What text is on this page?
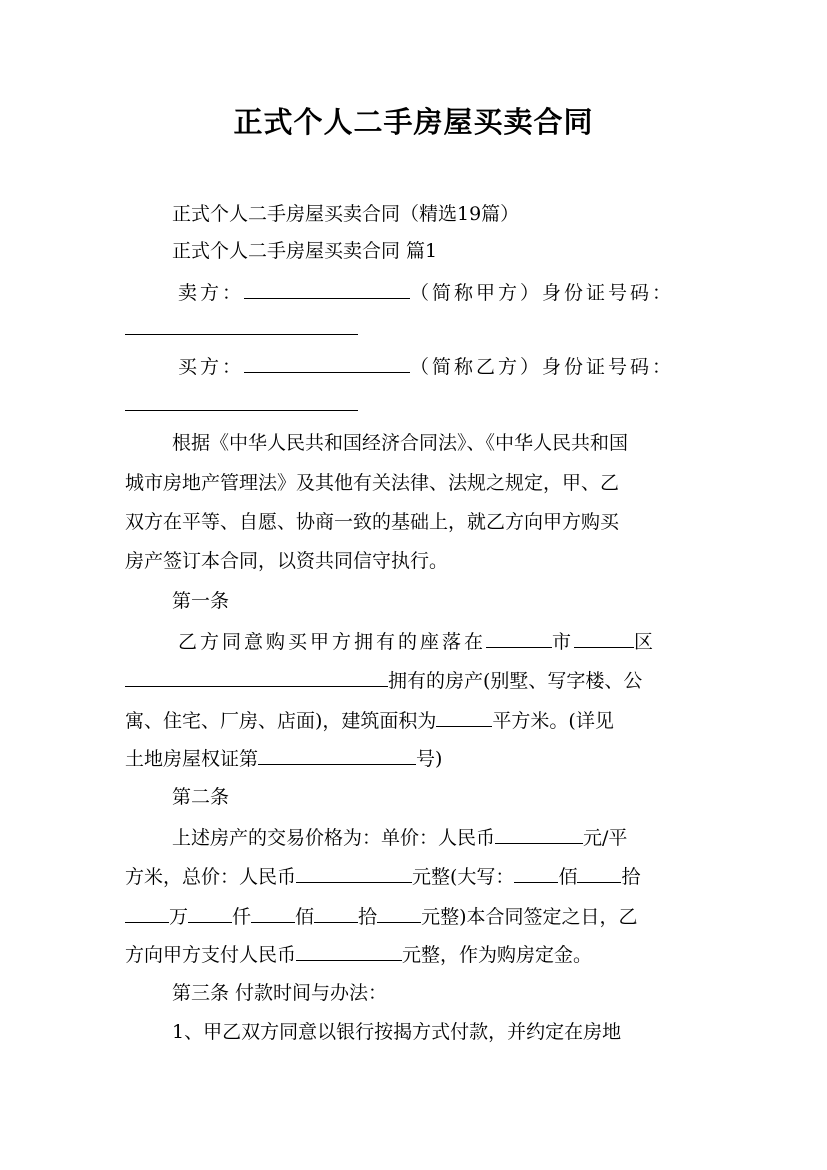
正式个人二手房屋买卖合同
正式个人二手房屋买卖合同（精选19篇）
正式个人二手房屋买卖合同 篇1
卖方：	（简称甲方）身份证号码：
买方：	（简称乙方）身份证号码：
根据《中华人民共和国经济合同法》、《中华人民共和国
城市房地产管理法》及其他有关法律、法规之规定，甲、乙
双方在平等、自愿、协商一致的基础上，就乙方向甲方购买
房产签订本合同，以资共同信守执行。
第一条
乙方同意购买甲方拥有的座落在	市	区
拥有的房产(别墅、写字楼、公
寓、住宅、厂房、店面)，建筑面积为	平方米。(详见
土地房屋权证第	号)
第二条
上述房产的交易价格为：单价：人民币	元/平
方米，总价：人民币	元整(大写： 佰 拾
万 仟 佰 拾 元整)本合同签定之日，乙
方向甲方支付人民币	元整，作为购房定金。
第三条 付款时间与办法：
1、甲乙双方同意以银行按揭方式付款，并约定在房地
